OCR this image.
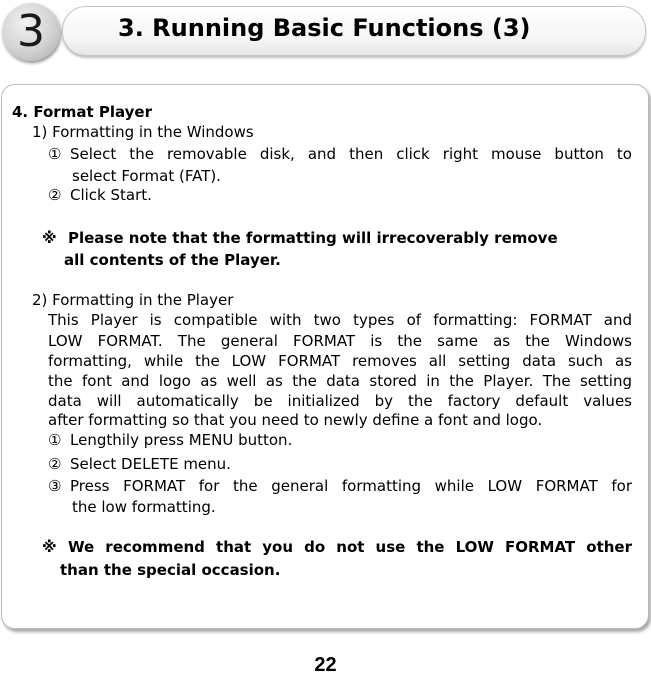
3	3. Running Basic Functions (3)
4. Format Player
1) Formatting in the Windows
① Select the removable disk, and then click right mouse button to
select Format (FAT).
② Click Start.
※ Please note that the formatting will irrecoverably remove
all contents of the Player.
2) Formatting in the Player
This Player is compatible with two types of formatting: FORMAT and
LOW FORMAT. The general FORMAT is the same as the Windows
formatting, while the LOW FORMAT removes all setting data such as
the font and logo as well as the data stored in the Player. The setting
data will automatically be initialized by the factory default values
after formatting so that you need to newly define a font and logo.
① Lengthily press MENU button.
② Select DELETE menu.
③ Press FORMAT for the general formatting while LOW FORMAT for
the low formatting.
※ We recommend that you do not use the LOW FORMAT other
than the special occasion.
22
